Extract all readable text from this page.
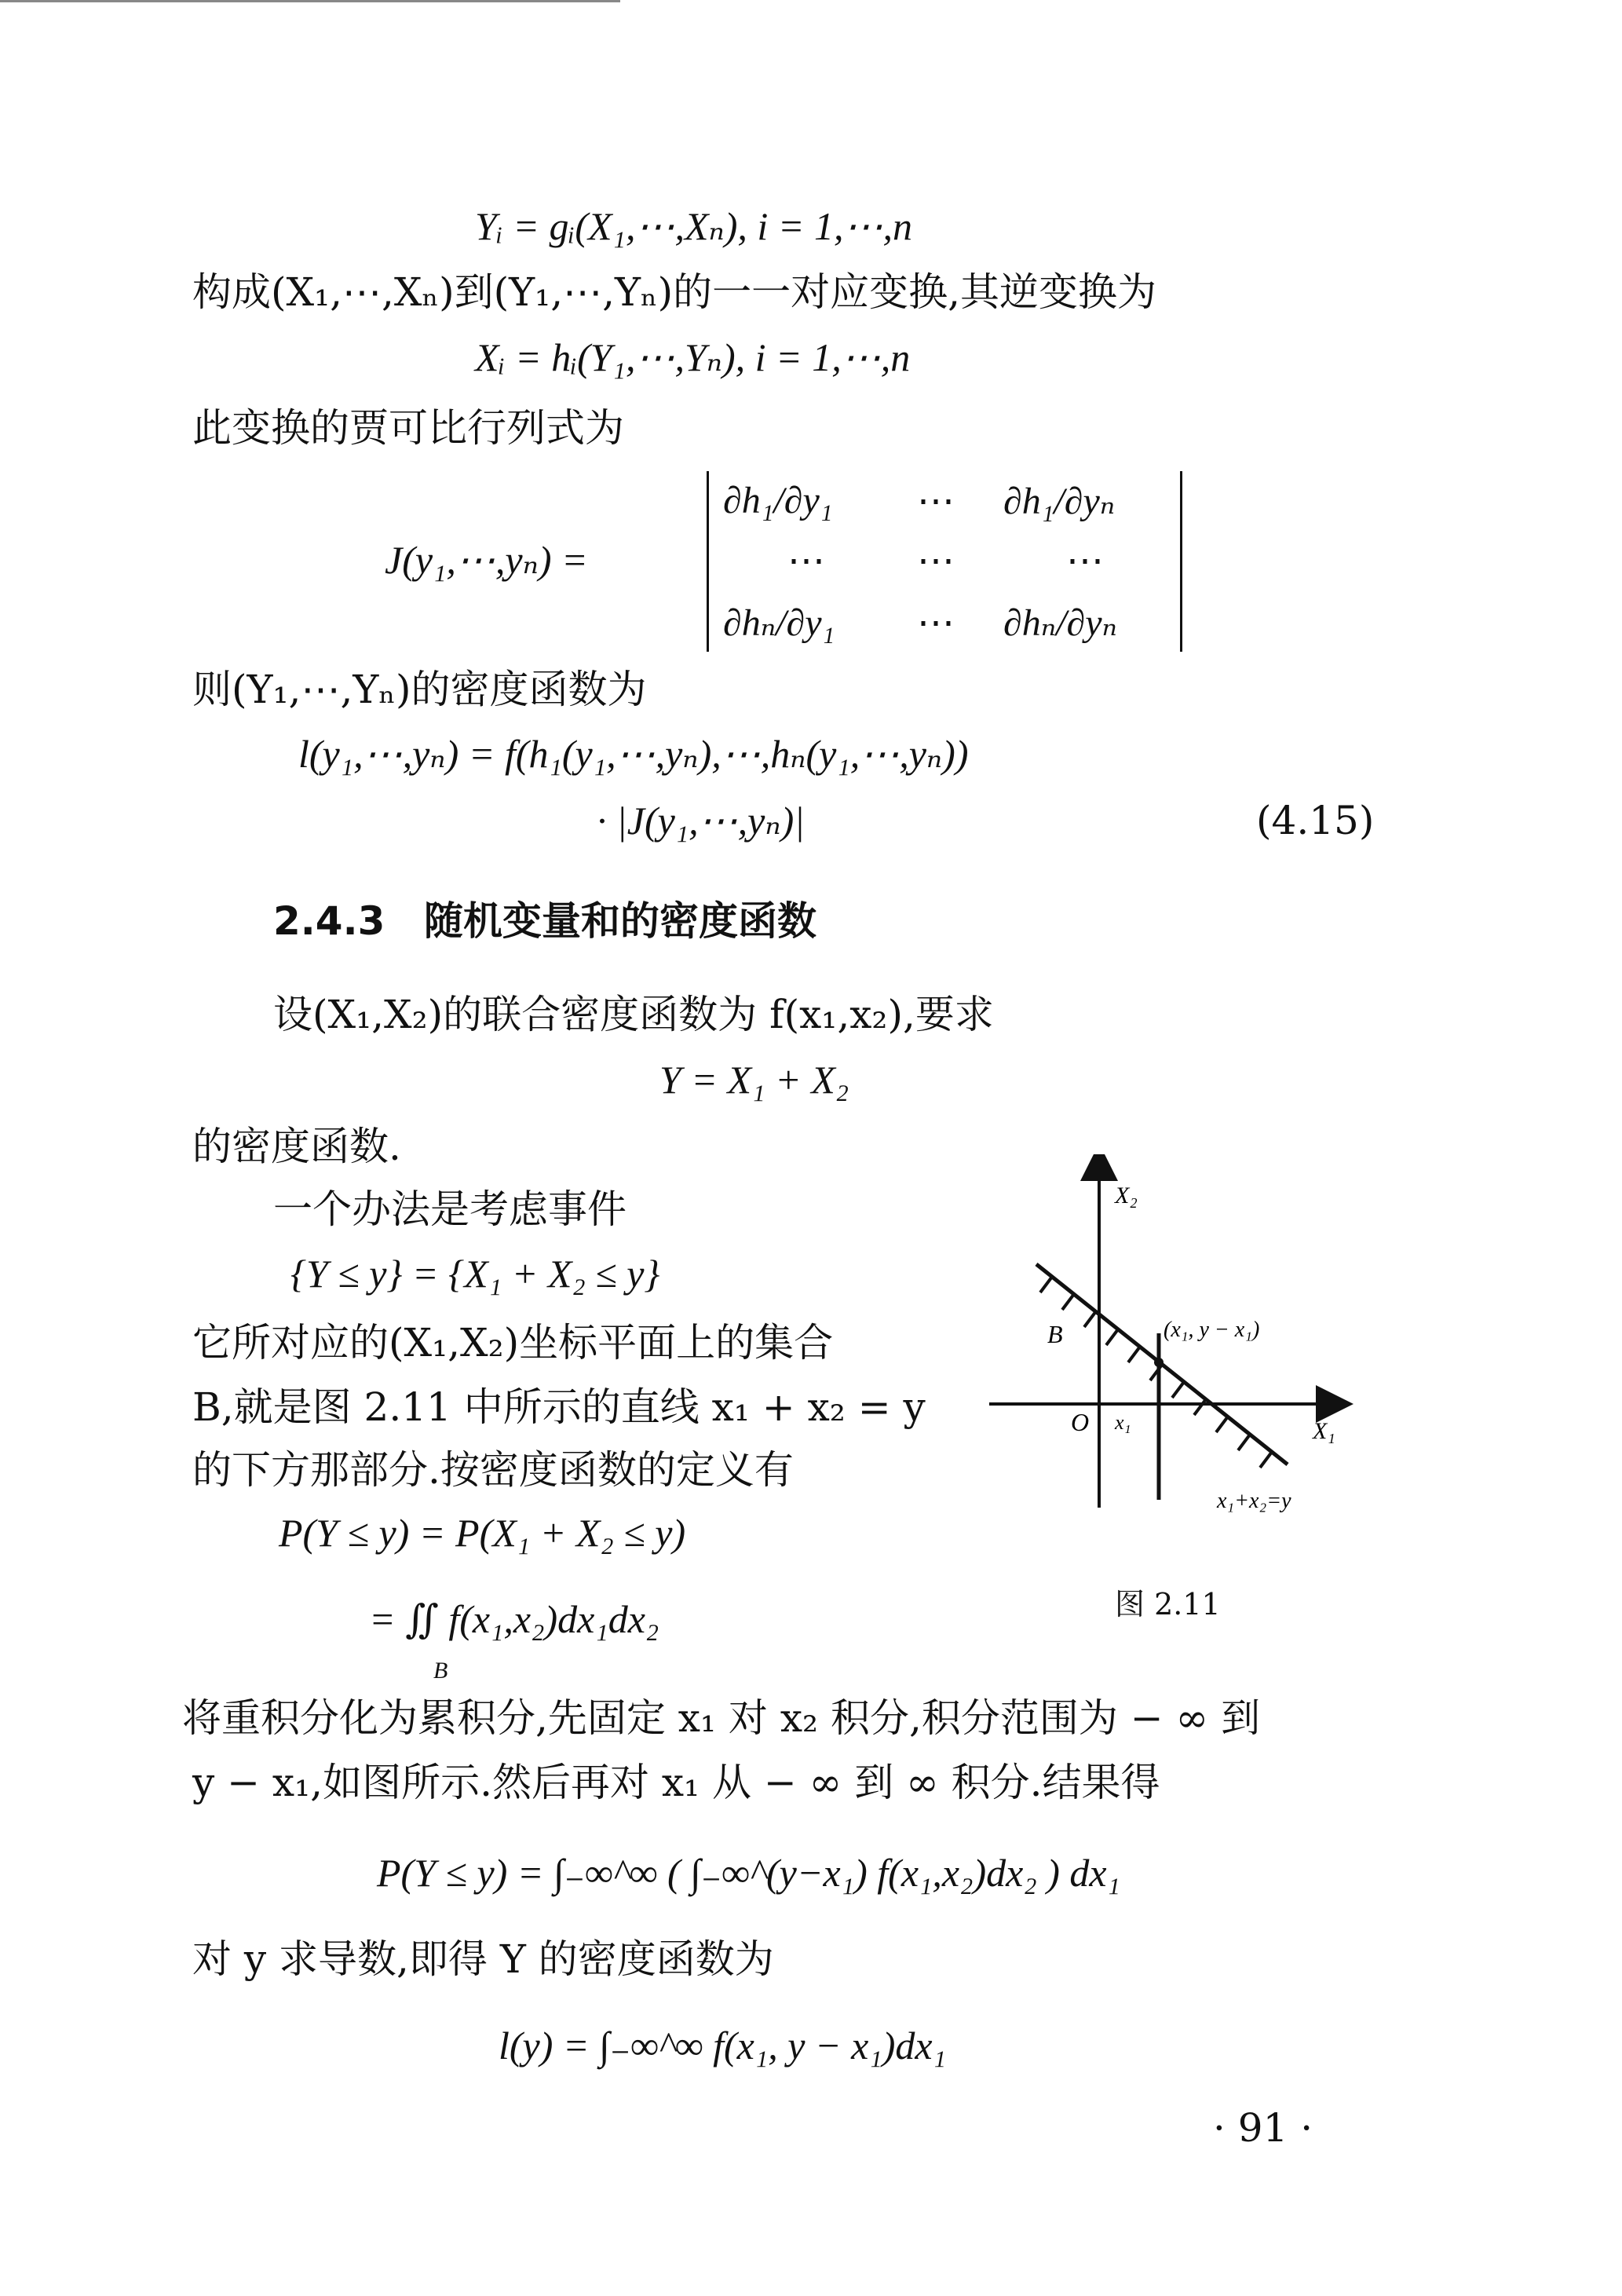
Yᵢ = gᵢ(X₁,⋯,Xₙ), i = 1,⋯,n
构成(X₁,⋯,Xₙ)到(Y₁,⋯,Yₙ)的一一对应变换,其逆变换为
Xᵢ = hᵢ(Y₁,⋯,Yₙ), i = 1,⋯,n
此变换的贾可比行列式为
J(y₁,⋯,yₙ) =
∂h₁/∂y₁ ⋯ ∂h₁/∂yₙ
⋯ ⋯	⋯
∂hₙ/∂y₁ ⋯ ∂hₙ/∂yₙ
则(Y₁,⋯,Yₙ)的密度函数为
l(y₁,⋯,yₙ) = f(h₁(y₁,⋯,yₙ),⋯,hₙ(y₁,⋯,yₙ))
· |J(y₁,⋯,yₙ)|	(4.15)
2.4.3 随机变量和的密度函数
设(X₁,X₂)的联合密度函数为 f(x₁,x₂),要求
Y = X₁ + X₂
的密度函数.
一个办法是考虑事件
{Y ≤ y} = {X₁ + X₂ ≤ y}
它所对应的(X₁,X₂)坐标平面上的集合
B,就是图 2.11 中所示的直线 x₁ + x₂ = y
的下方那部分.按密度函数的定义有
P(Y ≤ y) = P(X₁ + X₂ ≤ y)
= ∬ f(x₁,x₂)dx₁dx₂
B
将重积分化为累积分,先固定 x₁ 对 x₂ 积分,积分范围为 − ∞ 到
y − x₁,如图所示.然后再对 x₁ 从 − ∞ 到 ∞ 积分.结果得
P(Y ≤ y) = ∫₋∞^∞ ( ∫₋∞^(y−x₁) f(x₁,x₂)dx₂ ) dx₁
对 y 求导数,即得 Y 的密度函数为
l(y) = ∫₋∞^∞ f(x₁, y − x₁)dx₁
· 91 ·
X₂
X₁
O
B	(x₁, y − x₁)
x₁
x₁+x₂=y
图 2.11
